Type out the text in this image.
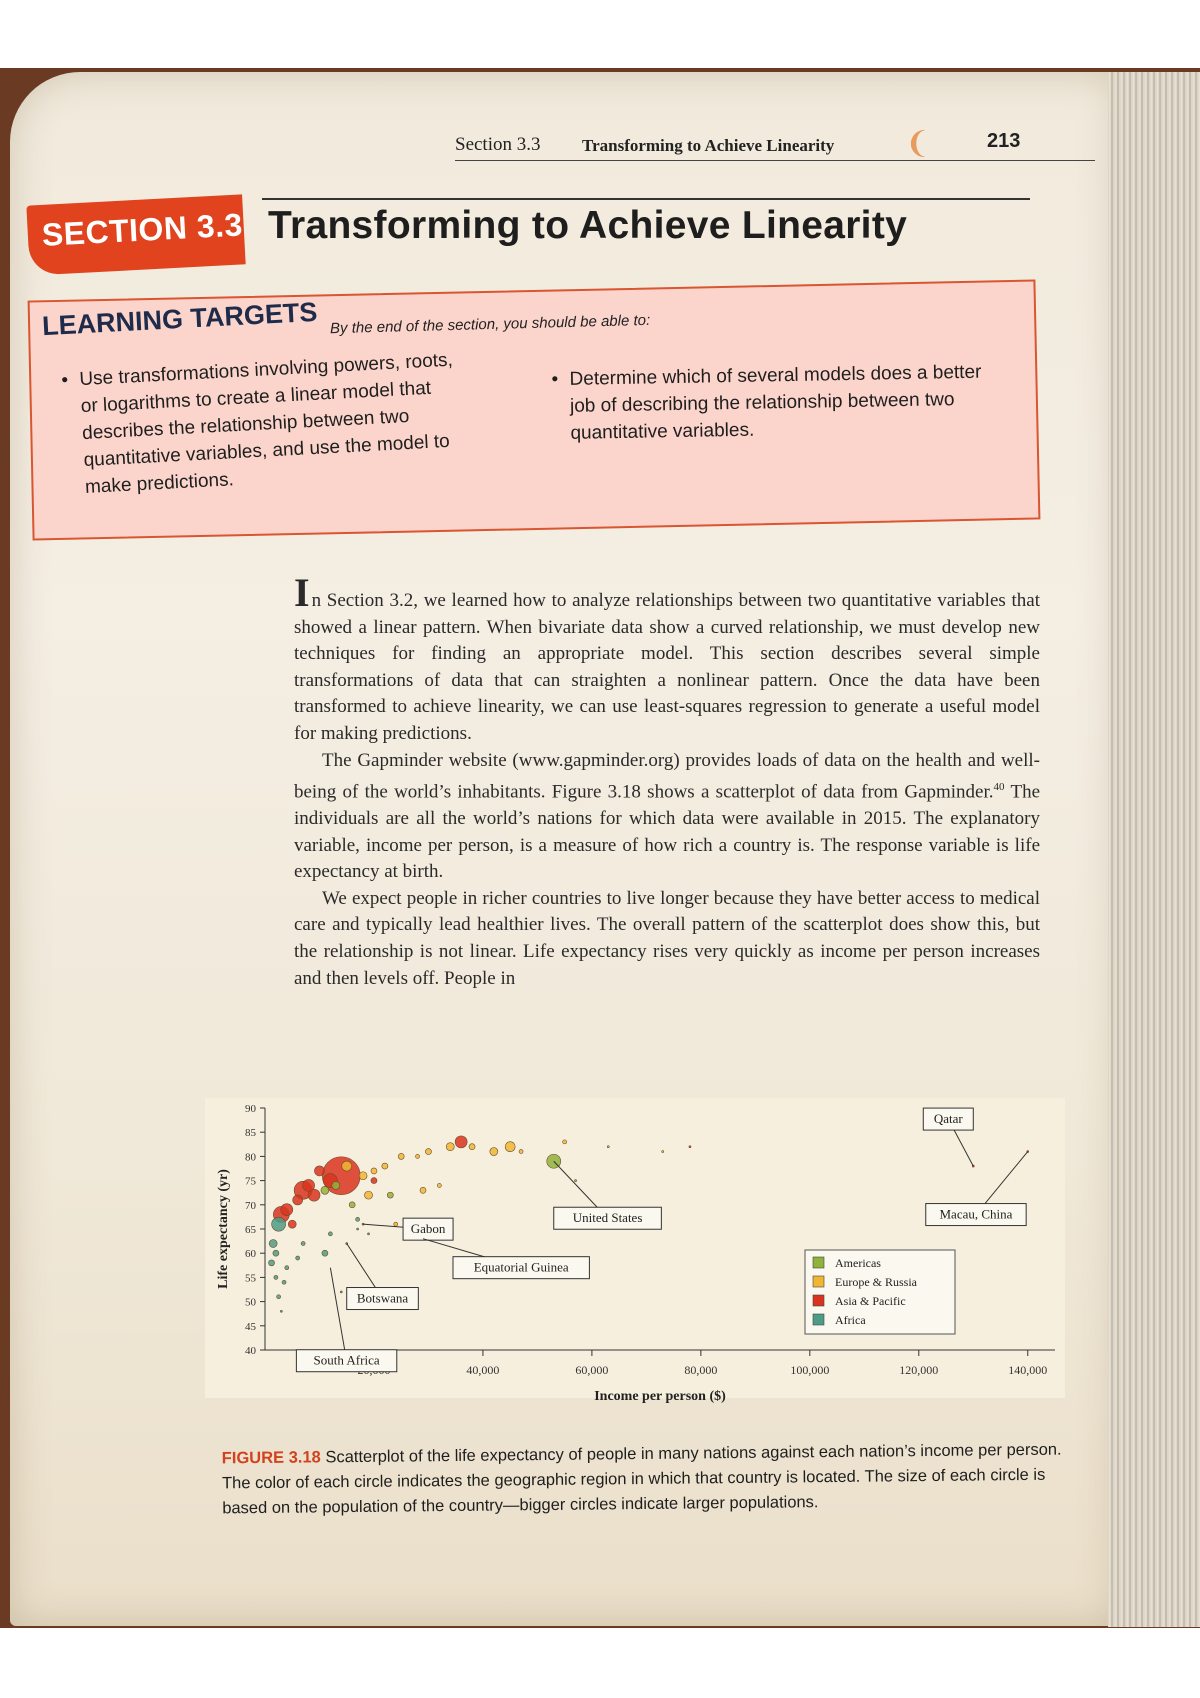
Section 3.3 Transforming to Achieve Linearity ❨	213
SECTION 3.3 Transforming to Achieve Linearity
LEARNING TARGETS By the end of the section, you should be able to:
• Use transformations involving powers, roots, or logarithms to create a linear model that describes the relationship between two quantitative variables, and use the model to make predictions.
• Determine which of several models does a better job of describing the relationship between two quantitative variables.

In Section 3.2, we learned how to analyze relationships between two quantitative variables that showed a linear pattern. When bivariate data show a curved relationship, we must develop new techniques for finding an appropriate model. This section describes several simple transformations of data that can straighten a nonlinear pattern. Once the data have been transformed to achieve linearity, we can use least-squares regression to generate a useful model for making predictions.

The Gapminder website (www.gapminder.org) provides loads of data on the health and well-being of the world’s inhabitants. Figure 3.18 shows a scatterplot of data from Gapminder.$^{40}$ The individuals are all the world’s nations for which data were available in 2015. The explanatory variable, income per person, is a measure of how rich a country is. The response variable is life expectancy at birth.

We expect people in richer countries to live longer because they have better access to medical care and typically lead healthier lives. The overall pattern of the scatterplot does show this, but the relationship is not linear. Life expectancy rises very quickly as income per person increases and then levels off. People in

40
45
50
55
60
65
70
75
80
85
90
40,000	60,000	80,000	100,000	120,000	140,000
Income per person ($)
Life expectancy (yr)
Qatar
Macau, China
United States
Gabon
Equatorial Guinea
Botswana
South Africa
Americas
Europe & Russia
Asia & Pacific
Africa
FIGURE 3.18 Scatterplot of the life expectancy of people in many nations against each nation’s income per person. The color of each circle indicates the geographic region in which that country is located. The size of each circle is based on the population of the country—bigger circles indicate larger populations.
